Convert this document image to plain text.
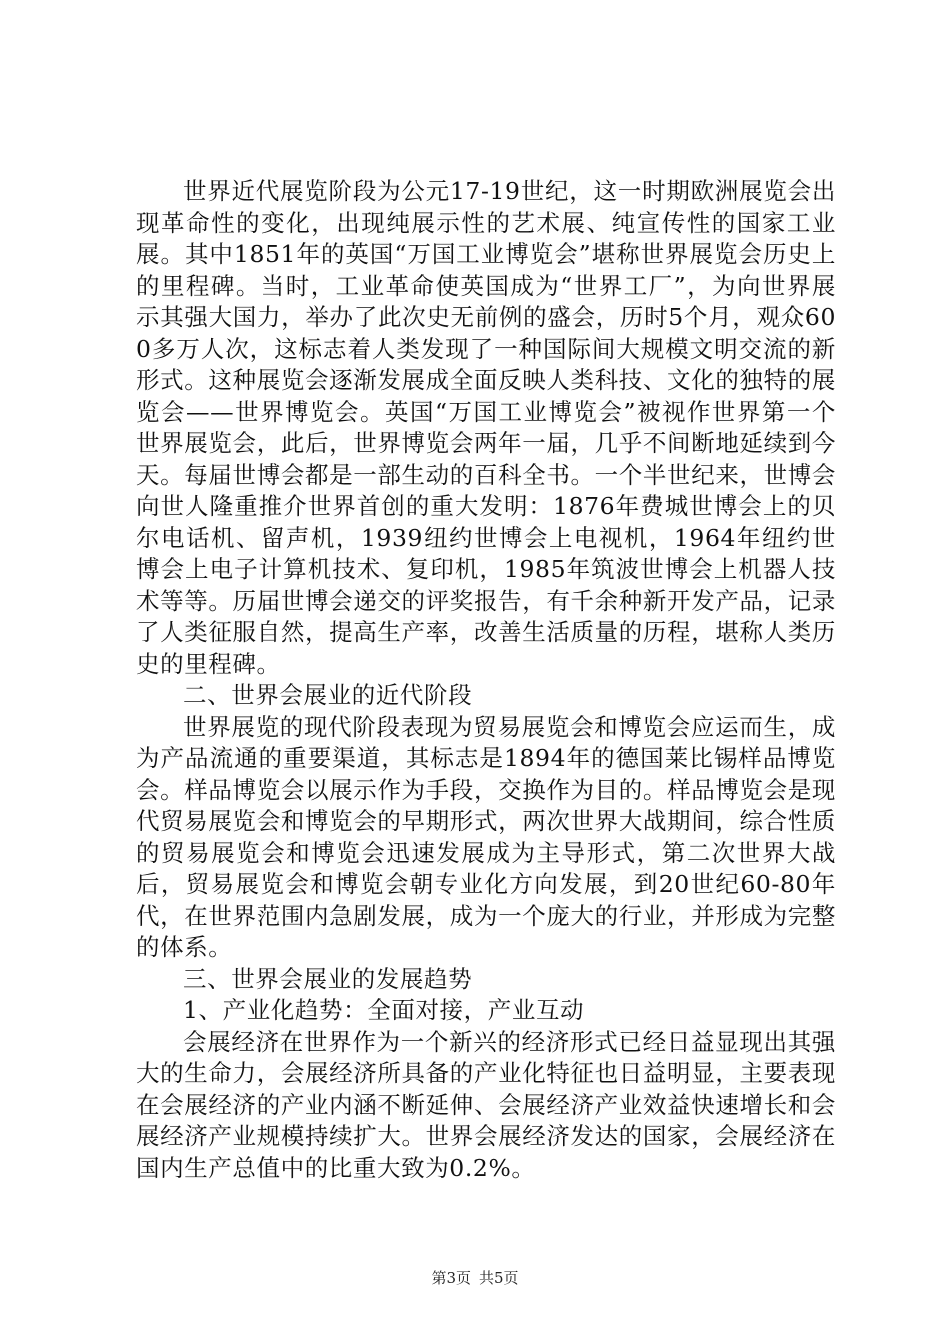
世界近代展览阶段为公元17-19世纪，这一时期欧洲展览会出现革命性的变化，出现纯展示性的艺术展、纯宣传性的国家工业展。其中1851年的英国“万国工业博览会”堪称世界展览会历史上的里程碑。当时，工业革命使英国成为“世界工厂”，为向世界展示其强大国力，举办了此次史无前例的盛会，历时5个月，观众600多万人次，这标志着人类发现了一种国际间大规模文明交流的新形式。这种展览会逐渐发展成全面反映人类科技、文化的独特的展览会——世界博览会。英国“万国工业博览会”被视作世界第一个世界展览会，此后，世界博览会两年一届，几乎不间断地延续到今天。每届世博会都是一部生动的百科全书。一个半世纪来，世博会向世人隆重推介世界首创的重大发明：1876年费城世博会上的贝尔电话机、留声机，1939纽约世博会上电视机，1964年纽约世博会上电子计算机技术、复印机，1985年筑波世博会上机器人技术等等。历届世博会递交的评奖报告，有千余种新开发产品，记录了人类征服自然，提高生产率，改善生活质量的历程，堪称人类历史的里程碑。

二、世界会展业的近代阶段

世界展览的现代阶段表现为贸易展览会和博览会应运而生，成为产品流通的重要渠道，其标志是1894年的德国莱比锡样品博览会。样品博览会以展示作为手段，交换作为目的。样品博览会是现代贸易展览会和博览会的早期形式，两次世界大战期间，综合性质的贸易展览会和博览会迅速发展成为主导形式，第二次世界大战后，贸易展览会和博览会朝专业化方向发展，到20世纪60-80年代，在世界范围内急剧发展，成为一个庞大的行业，并形成为完整的体系。

三、世界会展业的发展趋势

1、产业化趋势：全面对接，产业互动

会展经济在世界作为一个新兴的经济形式已经日益显现出其强大的生命力，会展经济所具备的产业化特征也日益明显，主要表现在会展经济的产业内涵不断延伸、会展经济产业效益快速增长和会展经济产业规模持续扩大。世界会展经济发达的国家，会展经济在国内生产总值中的比重大致为0.2%。

第3页 共5页
